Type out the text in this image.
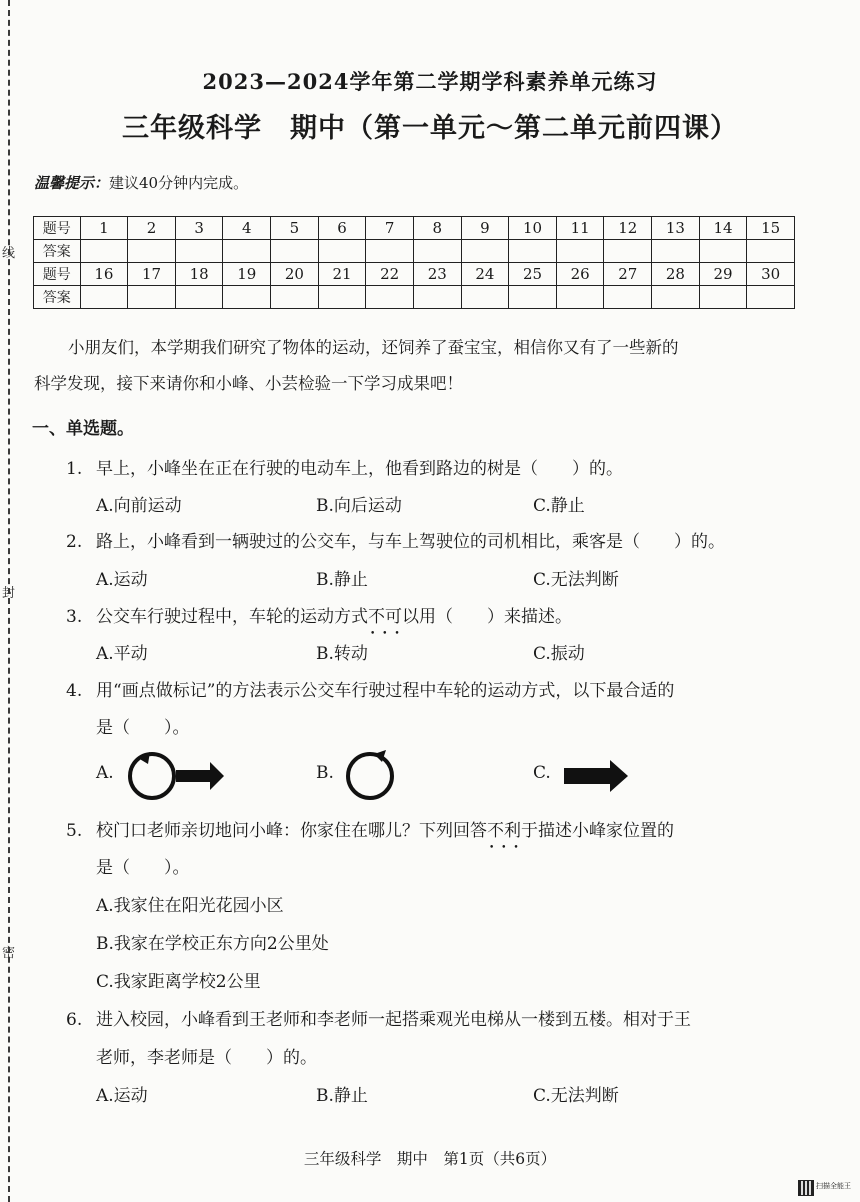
线
封
密
2023—2024学年第二学期学科素养单元练习
三年级科学　期中（第一单元～第二单元前四课）
温馨提示：建议40分钟内完成。
题号	1	2	3	4	5	6	7	8	9	10	11	12	13	14	15
答案															
题号	16	17	18	19	20	21	22	23	24	25	26	27	28	29	30
答案															

小朋友们，本学期我们研究了物体的运动，还饲养了蚕宝宝，相信你又有了一些新的

科学发现，接下来请你和小峰、小芸检验一下学习成果吧！

一、单选题。
1. 早上，小峰坐在正在行驶的电动车上，他看到路边的树是（　　）的。
A.向前运动	B.向后运动	C.静止
2. 路上，小峰看到一辆驶过的公交车，与车上驾驶位的司机相比，乘客是（　　）的。
A.运动	B.静止	C.无法判断
3. 公交车行驶过程中，车轮的运动方式不可以 • • •用（　　）来描述。
A.平动	B.转动	C.振动
4. 用“画点做标记”的方法表示公交车行驶过程中车轮的运动方式，以下最合适的
是（　　）。
A.	B.	C.
5. 校门口老师亲切地问小峰：你家住在哪儿？下列回答不利于 • • •描述小峰家位置的
是（　　）。
A.我家住在阳光花园小区
B.我家在学校正东方向2公里处
C.我家距离学校2公里
6. 进入校园，小峰看到王老师和李老师一起搭乘观光电梯从一楼到五楼。相对于王
老师，李老师是（　　）的。
A.运动	B.静止	C.无法判断
三年级科学　期中　第1页（共6页）
扫描全能王
